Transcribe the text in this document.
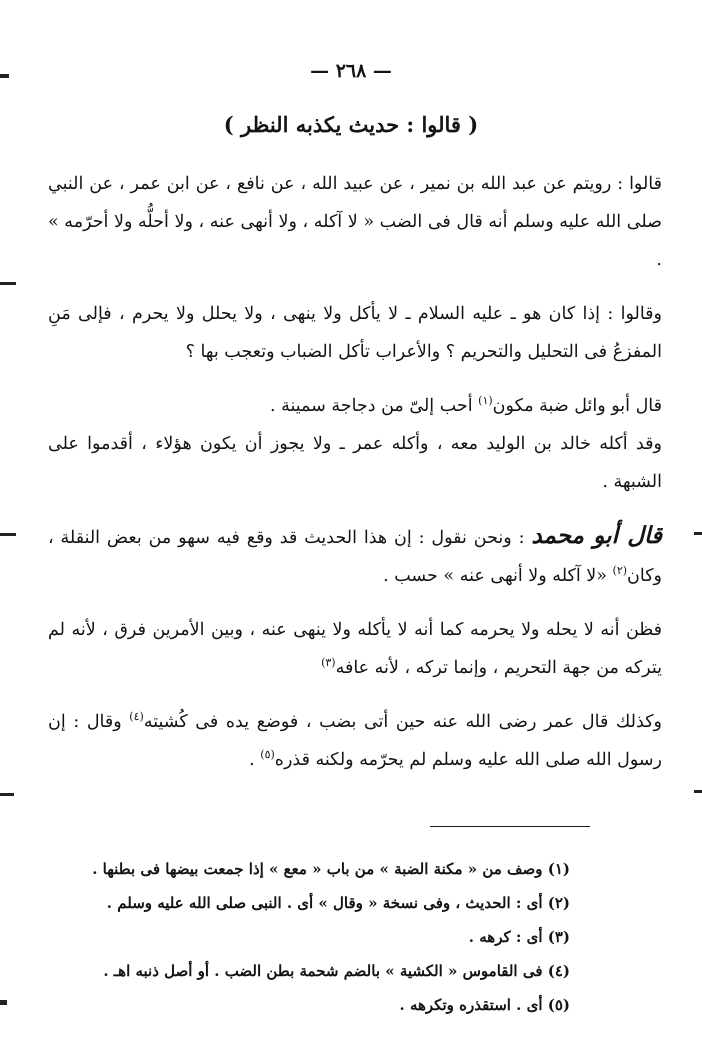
— ٢٦٨ —
( قالوا : حديث يكذبه النظر )

قالوا : رويتم عن عبد الله بن نمير ، عن عبيد الله ، عن نافع ، عن ابن عمر ، عن النبي صلى الله عليه وسلم أنه قال فى الضب « لا آكله ، ولا أنهى عنه ، ولا أحلُّه ولا أحرّمه » .

وقالوا : إذا كان هو ـ عليه السلام ـ لا يأكل ولا ينهى ، ولا يحلل ولا يحرم ، فإلى مَنِ المفزعُ فى التحليل والتحريم ؟ والأعراب تأكل الضباب وتعجب بها ؟

قال أبو وائل ضبة مكون$^{(١)}$ أحب إلىّ من دجاجة سمينة .

وقد أكله خالد بن الوليد معه ، وأكله عمر ـ ولا يجوز أن يكون هؤلاء ، أقدموا على الشبهة .

قال أبو محمد : ونحن نقول : إن هذا الحديث قد وقع فيه سهو من بعض النقلة ، وكان$^{(٢)}$ «لا آكله ولا أنهى عنه » حسب .

فظن أنه لا يحله ولا يحرمه كما أنه لا يأكله ولا ينهى عنه ، وبين الأمرين فرق ، لأنه لم يتركه من جهة التحريم ، وإنما تركه ، لأنه عافه$^{(٣)}$

وكذلك قال عمر رضى الله عنه حين أتى بضب ، فوضع يده فى كُشيته$^{(٤)}$ وقال : إن رسول الله صلى الله عليه وسلم لم يحرّمه ولكنه قذره$^{(٥)}$ .

(١) وصف من « مكنة الضبة » من باب « معع » إذا جمعت بيضها فى بطنها .
(٢) أى : الحديث ، وفى نسخة « وقال » أى . النبى صلى الله عليه وسلم .
(٣) أى : كرهه .
(٤) فى القاموس « الكشية » بالضم شحمة بطن الضب . أو أصل ذنبه اهـ .
(٥) أى . استقذره وتكرهه .
